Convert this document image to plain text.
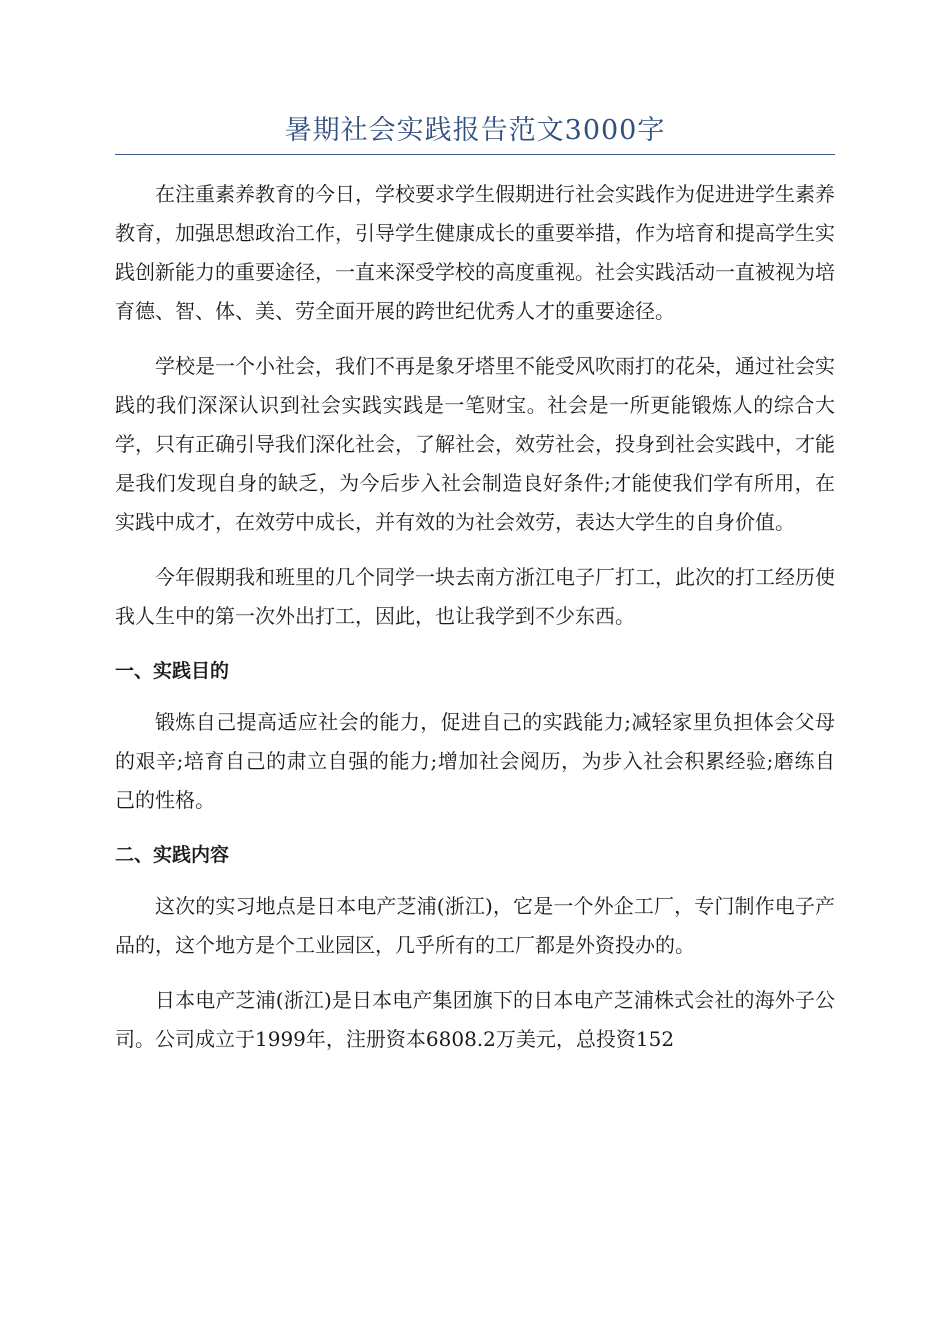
暑期社会实践报告范文3000字

在注重素养教育的今日，学校要求学生假期进行社会实践作为促进进学生素养教育，加强思想政治工作，引导学生健康成长的重要举措，作为培育和提高学生实践创新能力的重要途径，一直来深受学校的高度重视。社会实践活动一直被视为培育德、智、体、美、劳全面开展的跨世纪优秀人才的重要途径。

学校是一个小社会，我们不再是象牙塔里不能受风吹雨打的花朵，通过社会实践的我们深深认识到社会实践实践是一笔财宝。社会是一所更能锻炼人的综合大学，只有正确引导我们深化社会，了解社会，效劳社会，投身到社会实践中，才能是我们发现自身的缺乏，为今后步入社会制造良好条件;才能使我们学有所用，在实践中成才，在效劳中成长，并有效的为社会效劳，表达大学生的自身价值。

今年假期我和班里的几个同学一块去南方浙江电子厂打工，此次的打工经历使我人生中的第一次外出打工，因此，也让我学到不少东西。

一、实践目的

锻炼自己提高适应社会的能力，促进自己的实践能力;减轻家里负担体会父母的艰辛;培育自己的肃立自强的能力;增加社会阅历，为步入社会积累经验;磨练自己的性格。

二、实践内容

这次的实习地点是日本电产芝浦(浙江)，它是一个外企工厂，专门制作电子产品的，这个地方是个工业园区，几乎所有的工厂都是外资投办的。

日本电产芝浦(浙江)是日本电产集团旗下的日本电产芝浦株式会社的海外子公司。公司成立于1999年，注册资本6808.2万美元，总投资152
